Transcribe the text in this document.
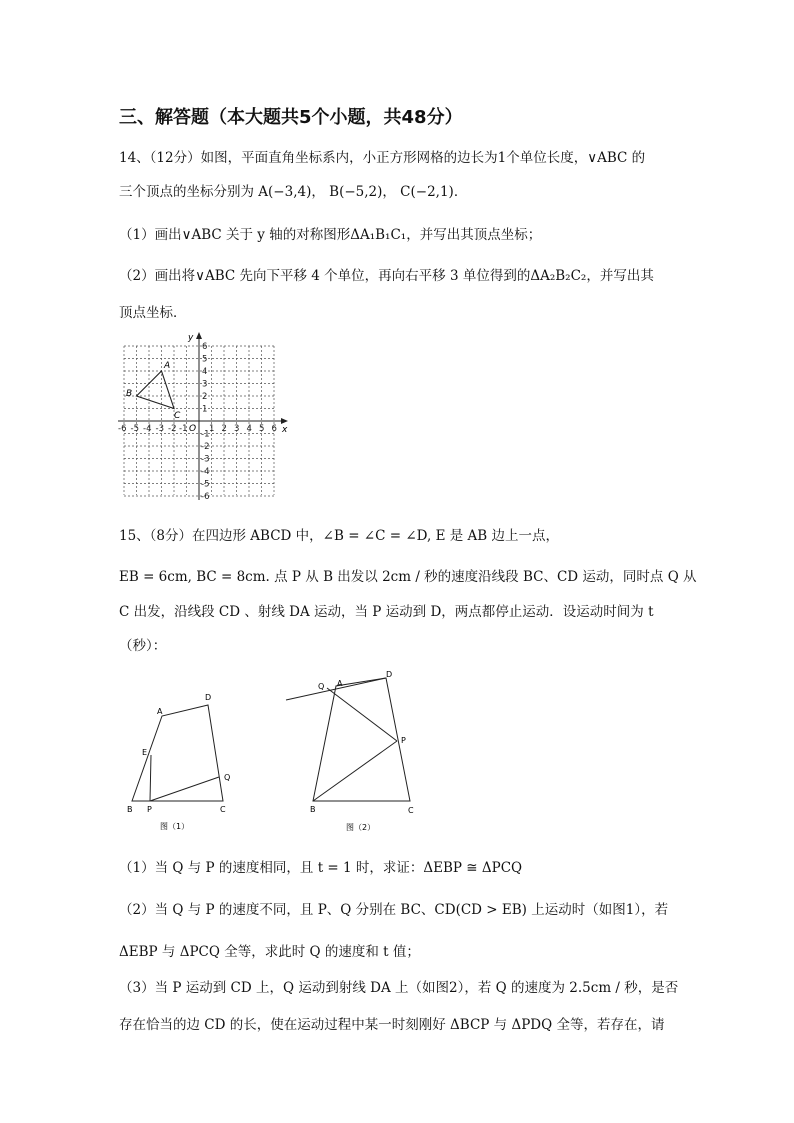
三、解答题（本大题共5个小题，共48分）
14、（12分）如图，平面直角坐标系内，小正方形网格的边长为1个单位长度，∨ABC 的
三个顶点的坐标分别为 A(−3,4)， B(−5,2)， C(−2,1)．
（1）画出∨ABC 关于 y 轴的对称图形ΔA₁B₁C₁，并写出其顶点坐标；
（2）画出将∨ABC 先向下平移 4 个单位，再向右平移 3 单位得到的ΔA₂B₂C₂，并写出其
顶点坐标．
x
y
O
-6 -5 -4 -3 -2 -1	1 2 3 4 5 6
6
5
4
3
2
1
-1
-2
-3
-4
-5
-6
A
B
C
15、（8分）在四边形 ABCD 中，∠B = ∠C = ∠D, E 是 AB 边上一点，
EB = 6cm, BC = 8cm. 点 P 从 B 出发以 2cm / 秒的速度沿线段 BC、CD 运动，同时点 Q 从
C 出发，沿线段 CD 、射线 DA 运动，当 P 运动到 D，两点都停止运动．设运动时间为 t
（秒）：
A
D
E
Q
B P	C
图（1）
Q A
D
P
B	C
图（2）
（1）当 Q 与 P 的速度相同，且 t = 1 时，求证：ΔEBP ≅ ΔPCQ
（2）当 Q 与 P 的速度不同，且 P、Q 分别在 BC、CD(CD > EB) 上运动时（如图1），若
ΔEBP 与 ΔPCQ 全等，求此时 Q 的速度和 t 值；
（3）当 P 运动到 CD 上，Q 运动到射线 DA 上（如图2），若 Q 的速度为 2.5cm / 秒，是否
存在恰当的边 CD 的长，使在运动过程中某一时刻刚好 ΔBCP 与 ΔPDQ 全等，若存在，请
